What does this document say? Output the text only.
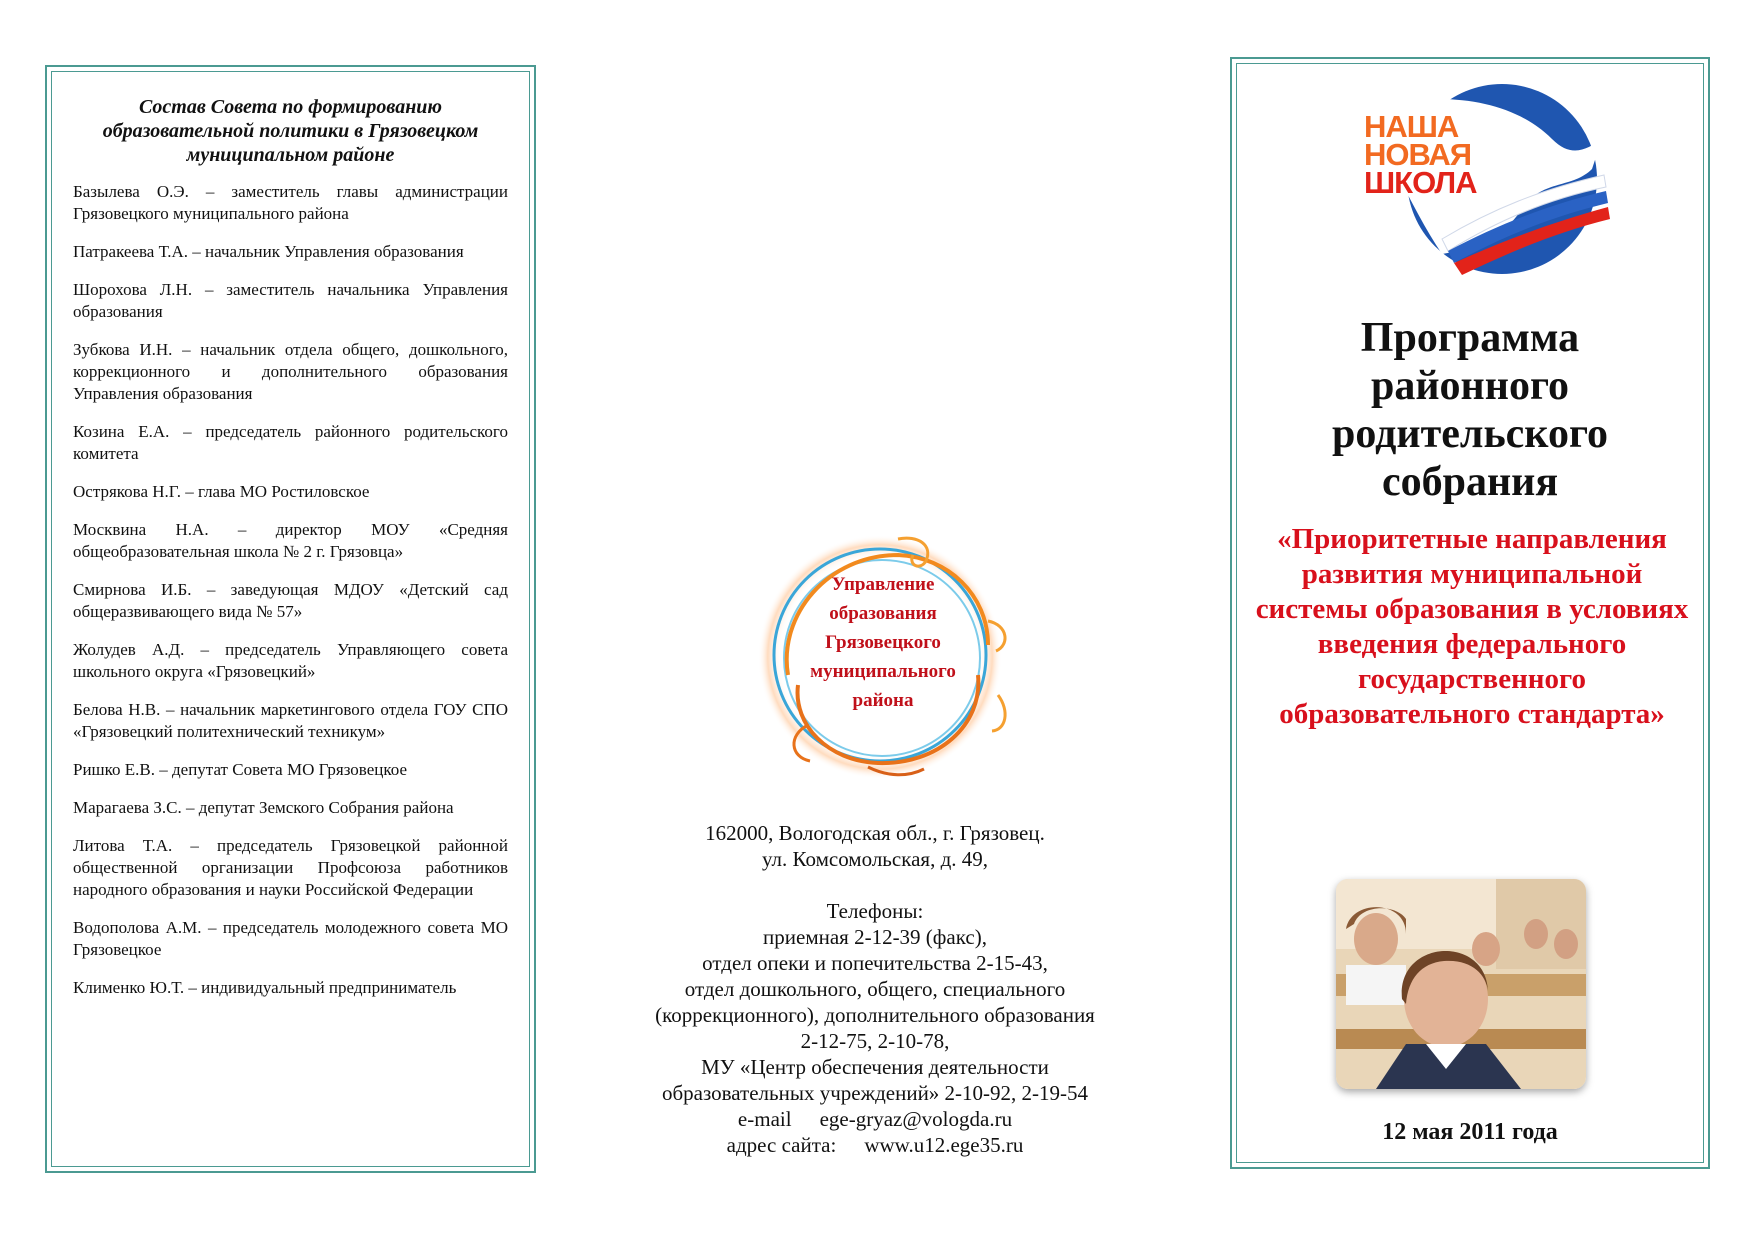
Состав Совета по формированию образовательной политики в Грязовецком муниципальном районе
Базылева О.Э. – заместитель главы администрации Грязовецкого муниципального района
Патракеева Т.А. – начальник Управления образования
Шорохова Л.Н. – заместитель начальника Управления образования
Зубкова И.Н. – начальник отдела общего, дошкольного, коррекционного и дополнительного образования Управления образования
Козина Е.А. – председатель районного родительского комитета
Острякова Н.Г. – глава МО Ростиловское
Москвина Н.А. – директор МОУ «Средняя общеобразовательная школа № 2 г. Грязовца»
Смирнова И.Б. – заведующая МДОУ «Детский сад общеразвивающего вида № 57»
Жолудев А.Д. – председатель Управляющего совета школьного округа «Грязовецкий»
Белова Н.В. – начальник маркетингового отдела ГОУ СПО «Грязовецкий политехнический техникум»
Ришко Е.В. – депутат Совета МО Грязовецкое
Марагаева З.С. – депутат Земского Собрания района
Литова Т.А. – председатель Грязовецкой районной общественной организации Профсоюза работников народного образования и науки Российской Федерации
Водополова А.М. – председатель молодежного совета МО Грязовецкое
Клименко Ю.Т. – индивидуальный предприниматель
Управление
образования
Грязовецкого
муниципального
района
162000, Вологодская обл., г. Грязовец.
ул. Комсомольская, д. 49,
Телефоны:
приемная 2-12-39 (факс),
отдел опеки и попечительства 2-15-43,
отдел дошкольного, общего, специального
(коррекционного), дополнительного образования
2-12-75, 2-10-78,
МУ «Центр обеспечения деятельности
образовательных учреждений» 2-10-92, 2-19-54
e-mail ege-gryaz@vologda.ru
адрес сайта: www.u12.ege35.ru
НАША
НОВАЯ
ШКОЛА
Программа
районного
родительского
собрания
«Приоритетные направления развития муниципальной системы образования в условиях введения федерального государственного образовательного стандарта»
12 мая 2011 года
